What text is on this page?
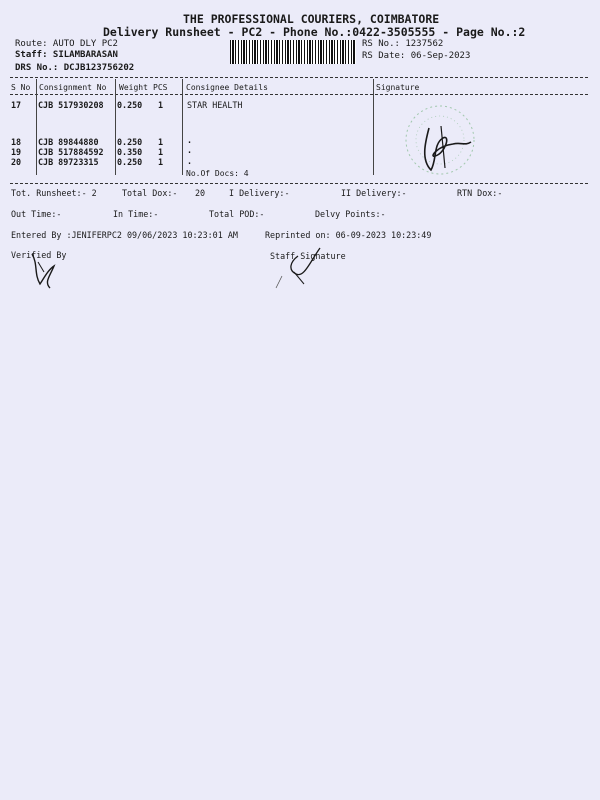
THE PROFESSIONAL COURIERS, COIMBATORE
Delivery Runsheet - PC2 - Phone No.:0422-3505555 - Page No.:2
Route: AUTO DLY PC2
Staff: SILAMBARASAN
DRS No.: DCJB123756202
RS No.: 1237562
RS Date: 06-Sep-2023
S No Consignment No Weight PCS Consignee Details	Signature
17 CJB 517930208 0.250 1	STAR HEALTH
18 CJB 89844880 0.250 1	.
19 CJB 517884592 0.350 1	.
20 CJB 89723315 0.250 1	.
No.Of Docs: 4
Tot. Runsheet:- 2	Total Dox:- 20	I Delivery:-	II Delivery:-	RTN Dox:-
Out Time:-	In Time:-	Total POD:-	Delvy Points:-
Entered By :JENIFERPC2 09/06/2023 10:23:01 AM	Reprinted on: 06-09-2023 10:23:49
Verified By	Staff Signature
